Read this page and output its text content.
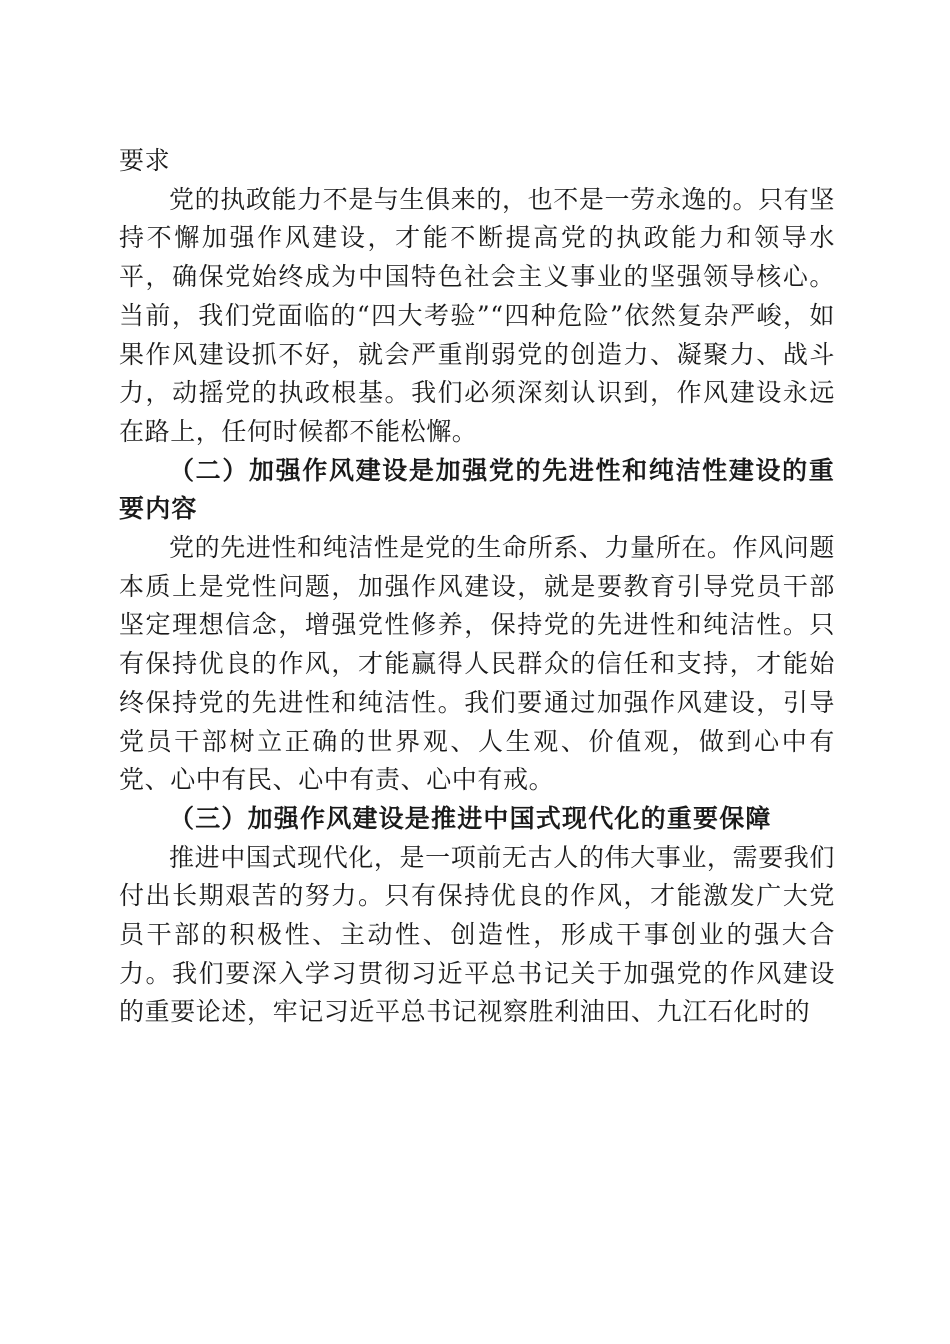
要求

党的执政能力不是与生俱来的，也不是一劳永逸的。只有坚持不懈加强作风建设，才能不断提高党的执政能力和领导水平，确保党始终成为中国特色社会主义事业的坚强领导核心。当前，我们党面临的“四大考验”“四种危险”依然复杂严峻，如果作风建设抓不好，就会严重削弱党的创造力、凝聚力、战斗力，动摇党的执政根基。我们必须深刻认识到，作风建设永远在路上，任何时候都不能松懈。

（二）加强作风建设是加强党的先进性和纯洁性建设的重要内容

党的先进性和纯洁性是党的生命所系、力量所在。作风问题本质上是党性问题，加强作风建设，就是要教育引导党员干部坚定理想信念，增强党性修养，保持党的先进性和纯洁性。只有保持优良的作风，才能赢得人民群众的信任和支持，才能始终保持党的先进性和纯洁性。我们要通过加强作风建设，引导党员干部树立正确的世界观、人生观、价值观，做到心中有党、心中有民、心中有责、心中有戒。

（三）加强作风建设是推进中国式现代化的重要保障

推进中国式现代化，是一项前无古人的伟大事业，需要我们付出长期艰苦的努力。只有保持优良的作风，才能激发广大党员干部的积极性、主动性、创造性，形成干事创业的强大合力。我们要深入学习贯彻习近平总书记关于加强党的作风建设的重要论述，牢记习近平总书记视察胜利油田、九江石化时的
